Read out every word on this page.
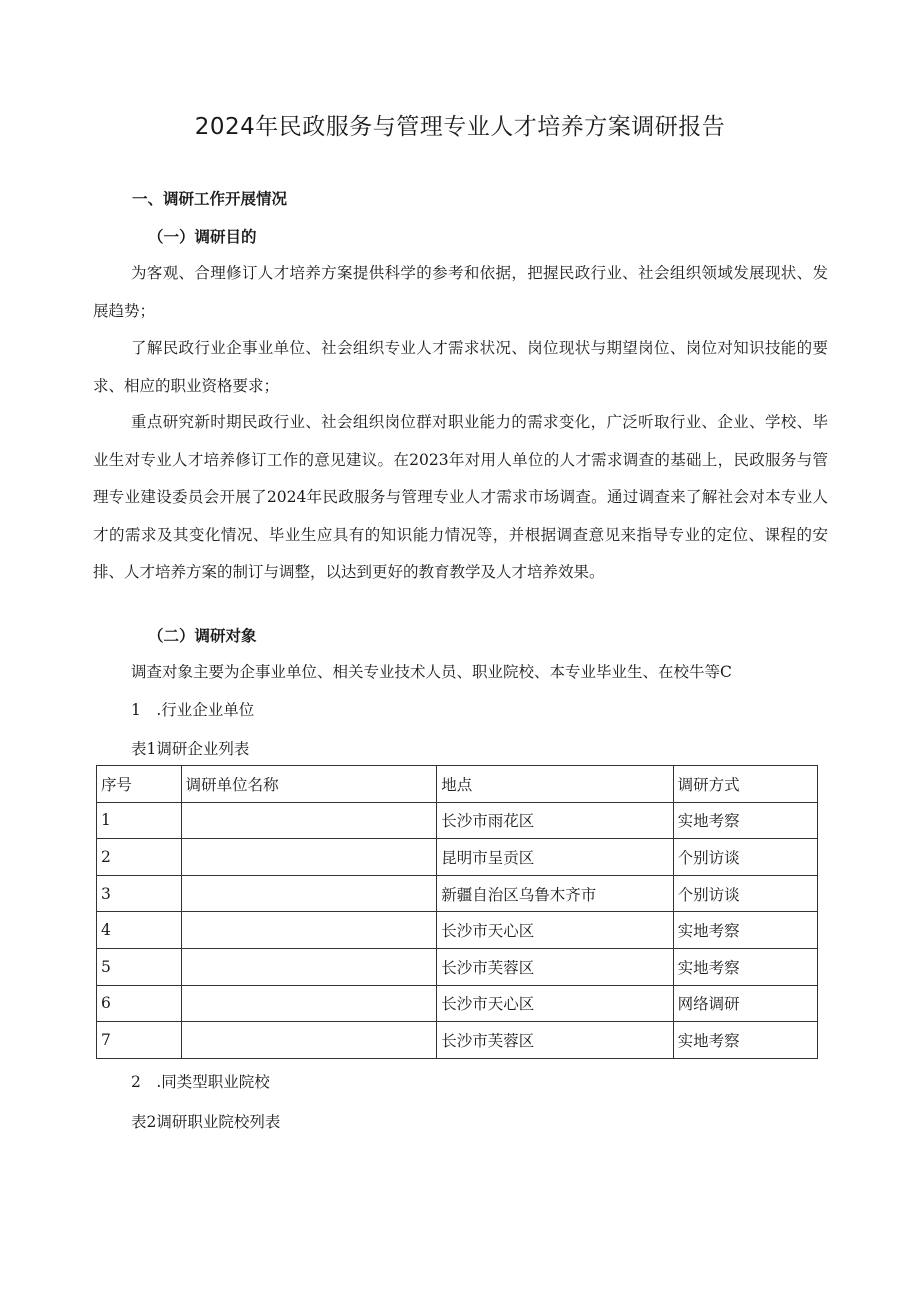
2024年民政服务与管理专业人才培养方案调研报告

一、调研工作开展情况

（一）调研目的

为客观、合理修订人才培养方案提供科学的参考和依据，把握民政行业、社会组织领域发展现状、发展趋势；

了解民政行业企事业单位、社会组织专业人才需求状况、岗位现状与期望岗位、岗位对知识技能的要求、相应的职业资格要求；

重点研究新时期民政行业、社会组织岗位群对职业能力的需求变化，广泛听取行业、企业、学校、毕业生对专业人才培养修订工作的意见建议。在2023年对用人单位的人才需求调查的基础上，民政服务与管理专业建设委员会开展了2024年民政服务与管理专业人才需求市场调查。通过调查来了解社会对本专业人才的需求及其变化情况、毕业生应具有的知识能力情况等，并根据调查意见来指导专业的定位、课程的安排、人才培养方案的制订与调整，以达到更好的教育教学及人才培养效果。

（二）调研对象

调查对象主要为企事业单位、相关专业技术人员、职业院校、本专业毕业生、在校牛等C

1　.行业企业单位

表1调研企业列表

序号	调研单位名称	地点	调研方式
1		长沙市雨花区	实地考察
2		昆明市呈贡区	个别访谈
3		新疆自治区乌鲁木齐市	个别访谈
4		长沙市天心区	实地考察
5		长沙市芙蓉区	实地考察
6		长沙市天心区	网络调研
7		长沙市芙蓉区	实地考察

2　.同类型职业院校

表2调研职业院校列表
